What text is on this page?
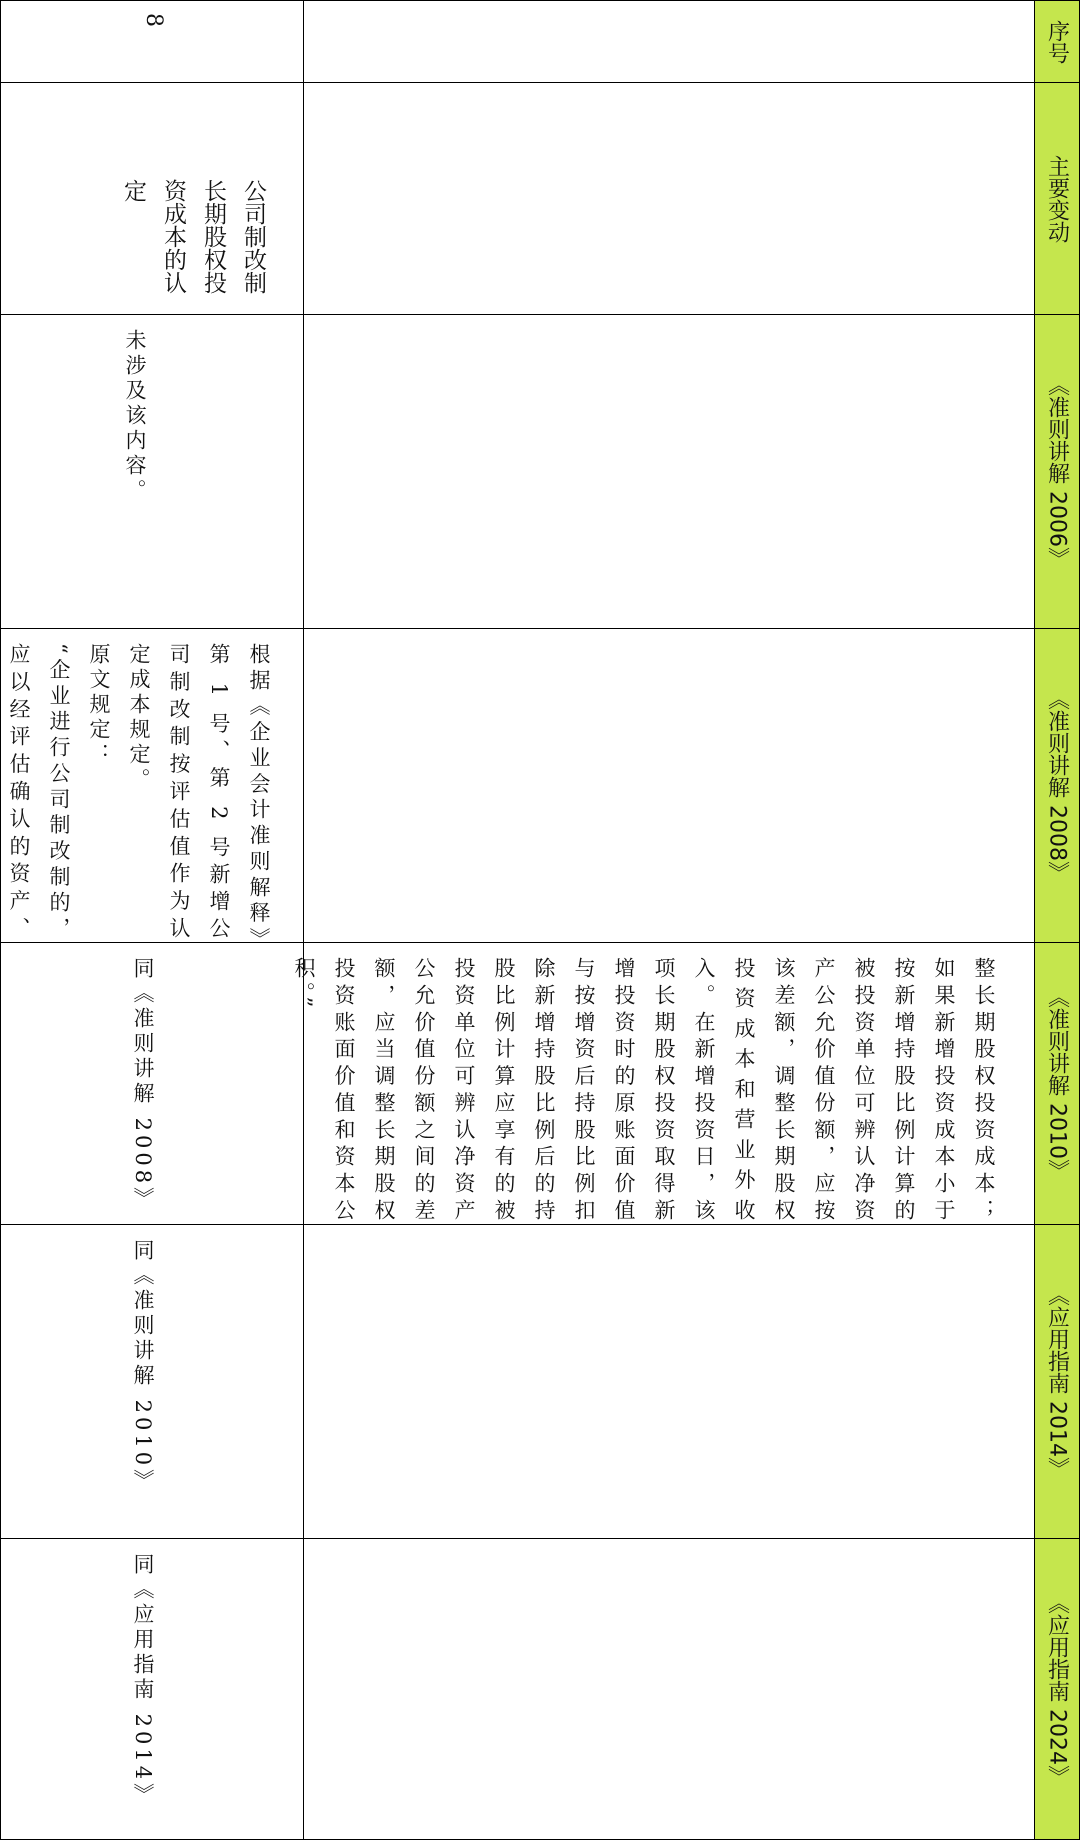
序号
主要变动
《准则讲解 2006》
《准则讲解 2008》
《准则讲解 2010》
《应用指南 2014》
《应用指南 2024》
整长期股权投资成本；如果新增投资成本小于按新增持股比例计算的被投资单位可辨认净资产公允价值份额，应按该差额，调整长期股权投资成本和营业外收入。在新增投资日，该项长期股权投资取得新增投资时的原账面价值与按增资后持股比例扣除新增持股比例后的持股比例计算应享有的被投资单位可辨认净资产公允价值份额之间的差额，应当调整长期股权投资账面价值和资本公积。”
8
公司制改制长期股权投资成本的认定
未涉及该内容。
根据《企业会计准则解释》第 1 号、第 2 号新增公司制改制按评估值作为认定成本规定。
原文规定：
“企业进行公司制改制的，应以经评估确认的资产、
同《准则讲解 2008》
同《准则讲解 2010》
同《应用指南 2014》
